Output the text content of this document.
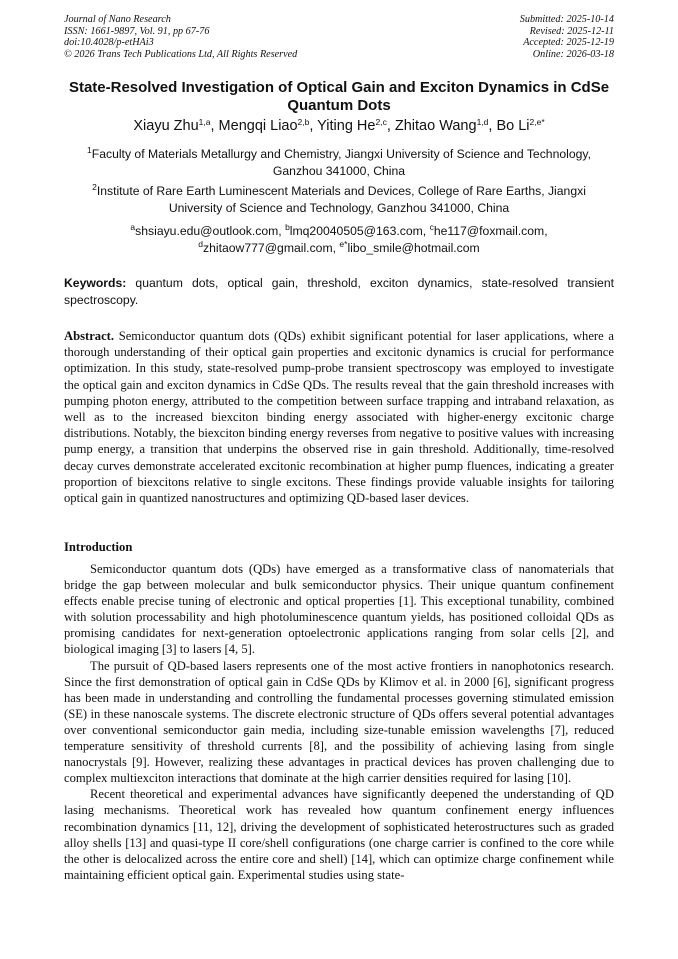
Journal of Nano Research
ISSN: 1661-9897, Vol. 91, pp 67-76
doi:10.4028/p-etHAi3
© 2026 Trans Tech Publications Ltd, All Rights Reserved
Submitted: 2025-10-14
Revised: 2025-12-11
Accepted: 2025-12-19
Online: 2026-03-18
State-Resolved Investigation of Optical Gain and Exciton Dynamics in CdSe Quantum Dots
Xiayu Zhu$^{1,a}$, Mengqi Liao$^{2,b}$, Yiting He$^{2,c}$, Zhitao Wang$^{1,d}$, Bo $Li^{2,e*}$
$^1$Faculty of Materials Metallurgy and Chemistry, Jiangxi University of Science and Technology, Ganzhou 341000, China
$^2$Institute of Rare Earth Luminescent Materials and Devices, College of Rare Earths, Jiangxi University of Science and Technology, Ganzhou 341000, China
$^a$shsiayu.edu@outlook.com, $^b$lmq20040505@163.com, $^c$he117@foxmail.com,
$^d$zhitaow777@gmail.com, $^{e*}$libo_smile@hotmail.com
Keywords: quantum dots, optical gain, threshold, exciton dynamics, state-resolved transient spectroscopy.
Abstract. Semiconductor quantum dots (QDs) exhibit significant potential for laser applications, where a thorough understanding of their optical gain properties and excitonic dynamics is crucial for performance optimization. In this study, state-resolved pump-probe transient spectroscopy was employed to investigate the optical gain and exciton dynamics in CdSe QDs. The results reveal that the gain threshold increases with pumping photon energy, attributed to the competition between surface trapping and intraband relaxation, as well as to the increased biexciton binding energy associated with higher-energy excitonic charge distributions. Notably, the biexciton binding energy reverses from negative to positive values with increasing pump energy, a transition that underpins the observed rise in gain threshold. Additionally, time-resolved decay curves demonstrate accelerated excitonic recombination at higher pump fluences, indicating a greater proportion of biexcitons relative to single excitons. These findings provide valuable insights for tailoring optical gain in quantized nanostructures and optimizing QD-based laser devices.
Introduction

Semiconductor quantum dots (QDs) have emerged as a transformative class of nanomaterials that bridge the gap between molecular and bulk semiconductor physics. Their unique quantum confinement effects enable precise tuning of electronic and optical properties [1]. This exceptional tunability, combined with solution processability and high photoluminescence quantum yields, has positioned colloidal QDs as promising candidates for next-generation optoelectronic applications ranging from solar cells [2], and biological imaging [3] to lasers [4, 5].

The pursuit of QD-based lasers represents one of the most active frontiers in nanophotonics research. Since the first demonstration of optical gain in CdSe QDs by Klimov et al. in 2000 [6], significant progress has been made in understanding and controlling the fundamental processes governing stimulated emission (SE) in these nanoscale systems. The discrete electronic structure of QDs offers several potential advantages over conventional semiconductor gain media, including size-tunable emission wavelengths [7], reduced temperature sensitivity of threshold currents [8], and the possibility of achieving lasing from single nanocrystals [9]. However, realizing these advantages in practical devices has proven challenging due to complex multiexciton interactions that dominate at the high carrier densities required for lasing [10].

Recent theoretical and experimental advances have significantly deepened the understanding of QD lasing mechanisms. Theoretical work has revealed how quantum confinement energy influences recombination dynamics [11, 12], driving the development of sophisticated heterostructures such as graded alloy shells [13] and quasi-type II core/shell configurations (one charge carrier is confined to the core while the other is delocalized across the entire core and shell) [14], which can optimize charge confinement while maintaining efficient optical gain. Experimental studies using state-
